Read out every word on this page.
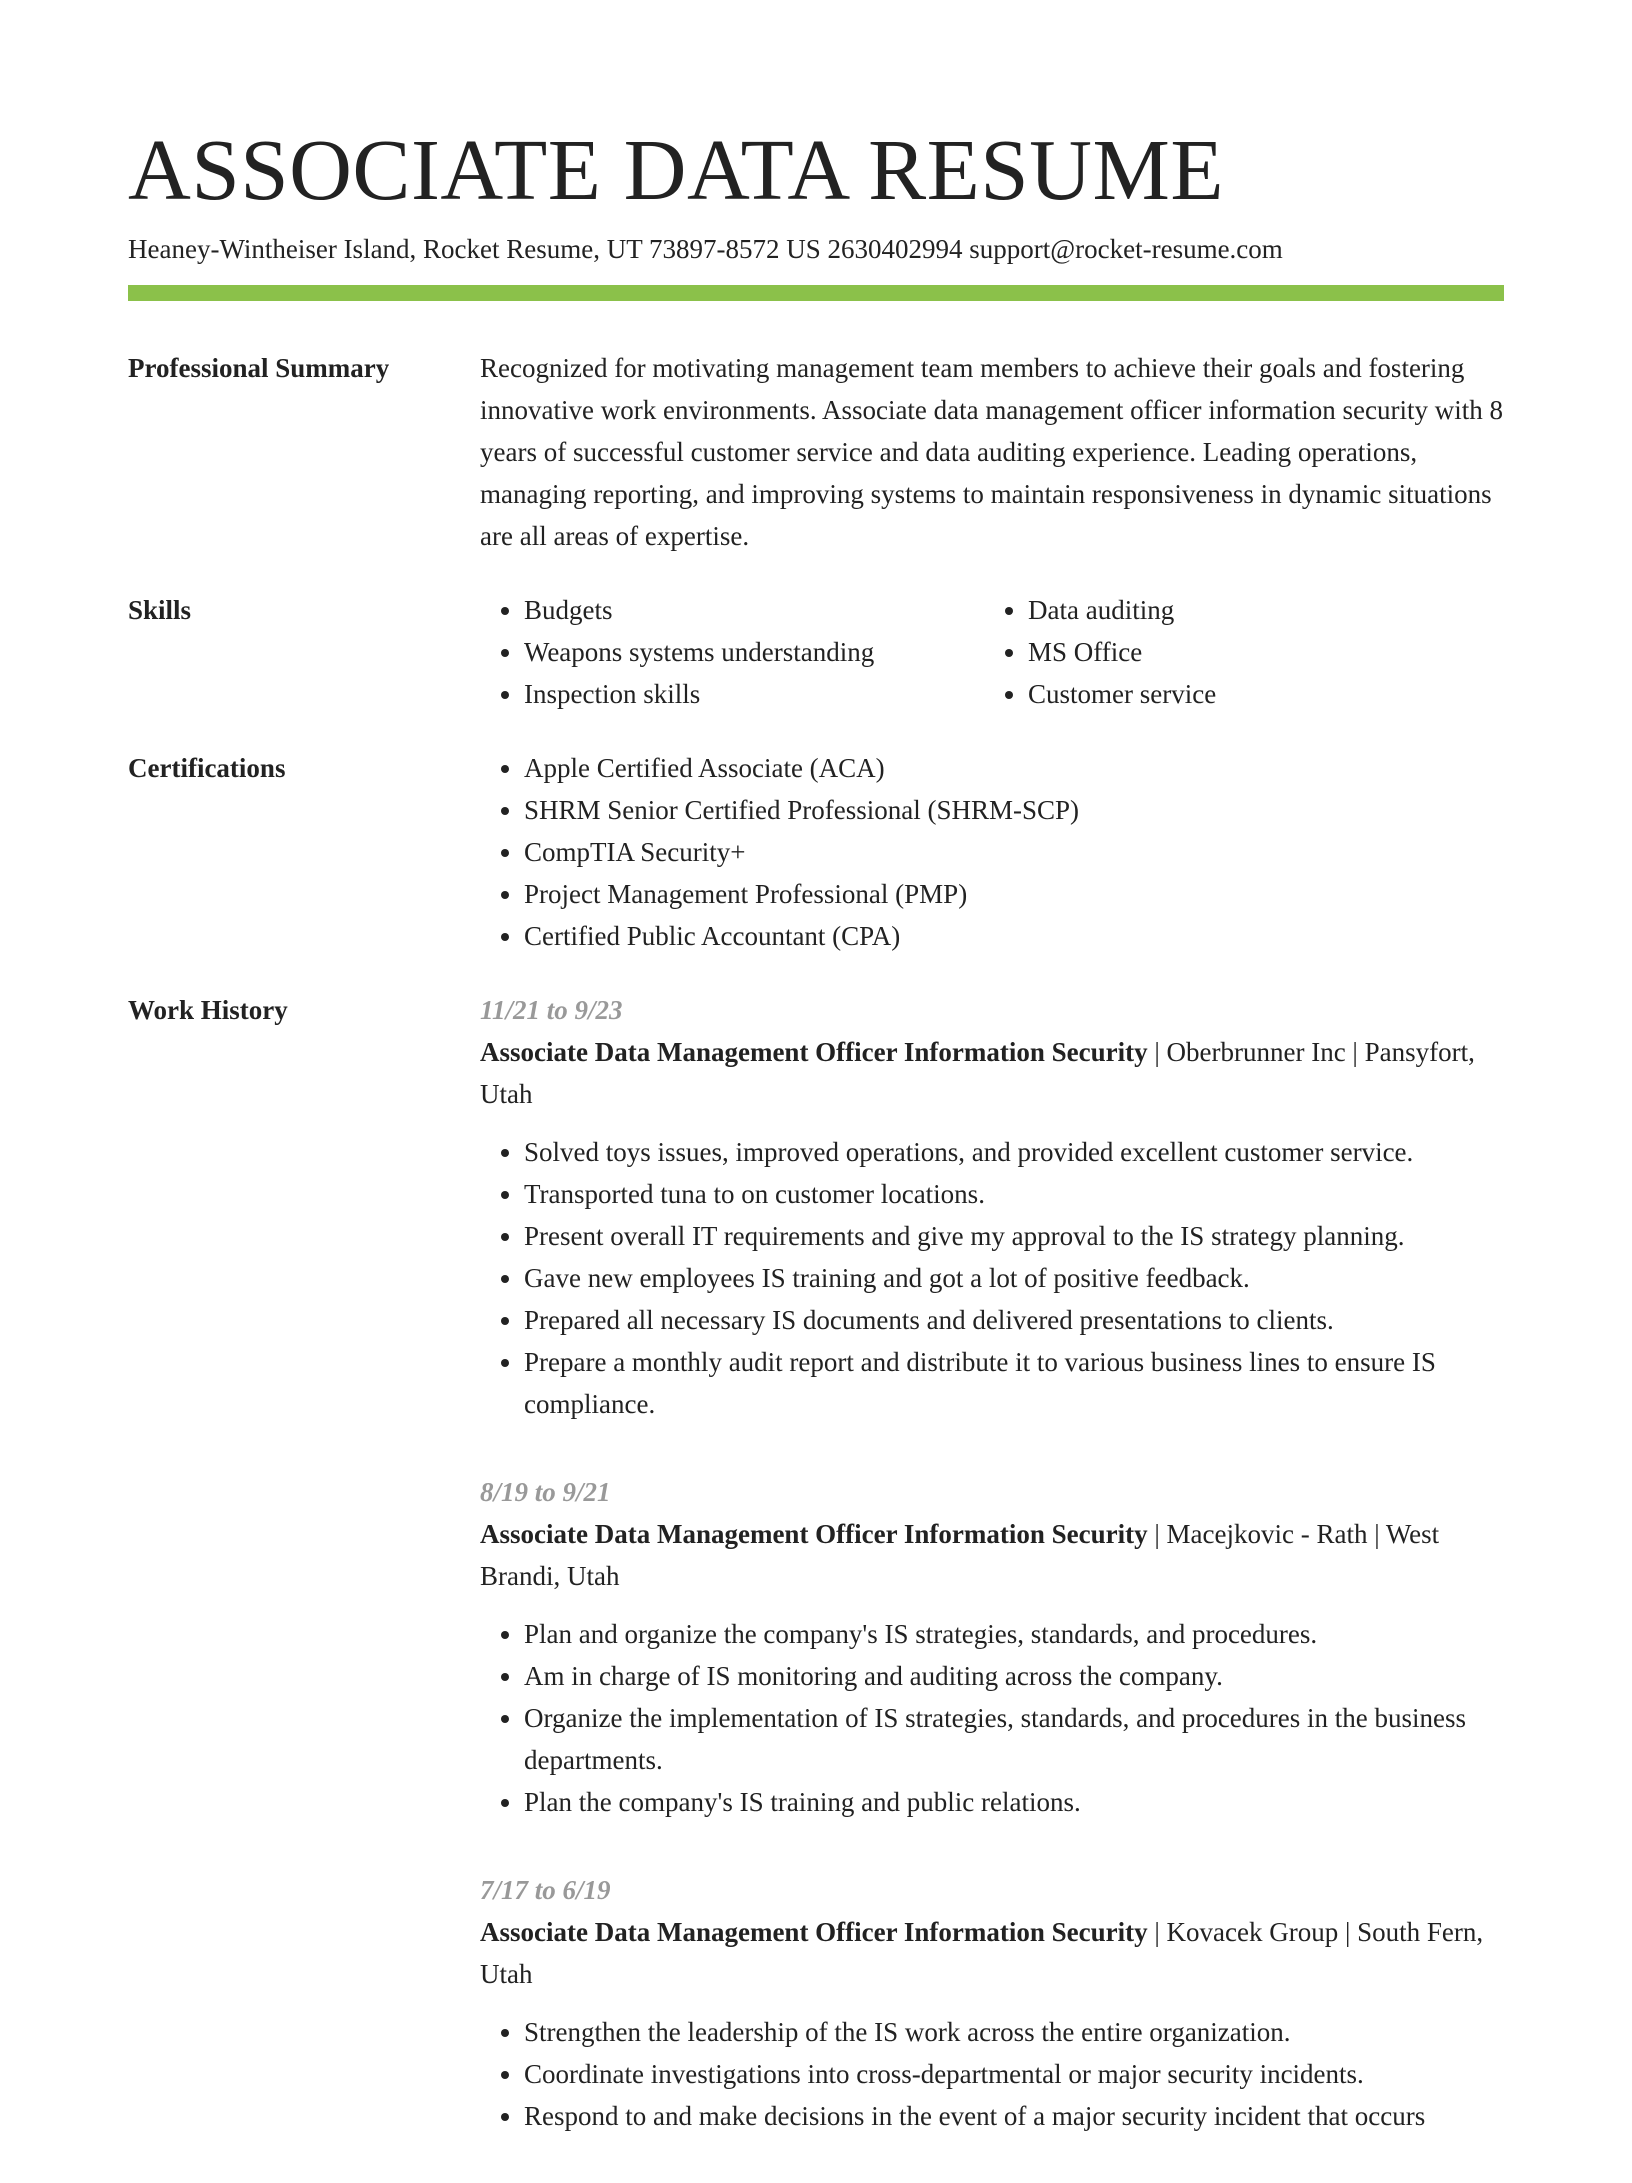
ASSOCIATE DATA RESUME
Heaney-Wintheiser Island, Rocket Resume, UT 73897-8572 US 2630402994 support@rocket-resume.com
Professional Summary	Recognized for motivating management team members to achieve their goals and fostering innovative work environments. Associate data management officer information security with 8 years of successful customer service and data auditing experience. Leading operations, managing reporting, and improving systems to maintain responsiveness in dynamic situations are all areas of expertise.

Skills	• Budgets
• Weapons systems understanding
• Inspection skills
• Data auditing
• MS Office
• Customer service
Certifications	• Apple Certified Associate (ACA)
• SHRM Senior Certified Professional (SHRM-SCP)
• CompTIA Security+
• Project Management Professional (PMP)
• Certified Public Accountant (CPA)
Work History	11/21 to 9/23

Associate Data Management Officer Information Security | Oberbrunner Inc | Pansyfort, Utah

• Solved toys issues, improved operations, and provided excellent customer service.
• Transported tuna to on customer locations.
• Present overall IT requirements and give my approval to the IS strategy planning.
• Gave new employees IS training and got a lot of positive feedback.
• Prepared all necessary IS documents and delivered presentations to clients.
• Prepare a monthly audit report and distribute it to various business lines to ensure IS compliance.
8/19 to 9/21

Associate Data Management Officer Information Security | Macejkovic - Rath | West Brandi, Utah

• Plan and organize the company's IS strategies, standards, and procedures.
• Am in charge of IS monitoring and auditing across the company.
• Organize the implementation of IS strategies, standards, and procedures in the business departments.
• Plan the company's IS training and public relations.
7/17 to 6/19

Associate Data Management Officer Information Security | Kovacek Group | South Fern, Utah

• Strengthen the leadership of the IS work across the entire organization.
• Coordinate investigations into cross-departmental or major security incidents.
• Respond to and make decisions in the event of a major security incident that occurs
